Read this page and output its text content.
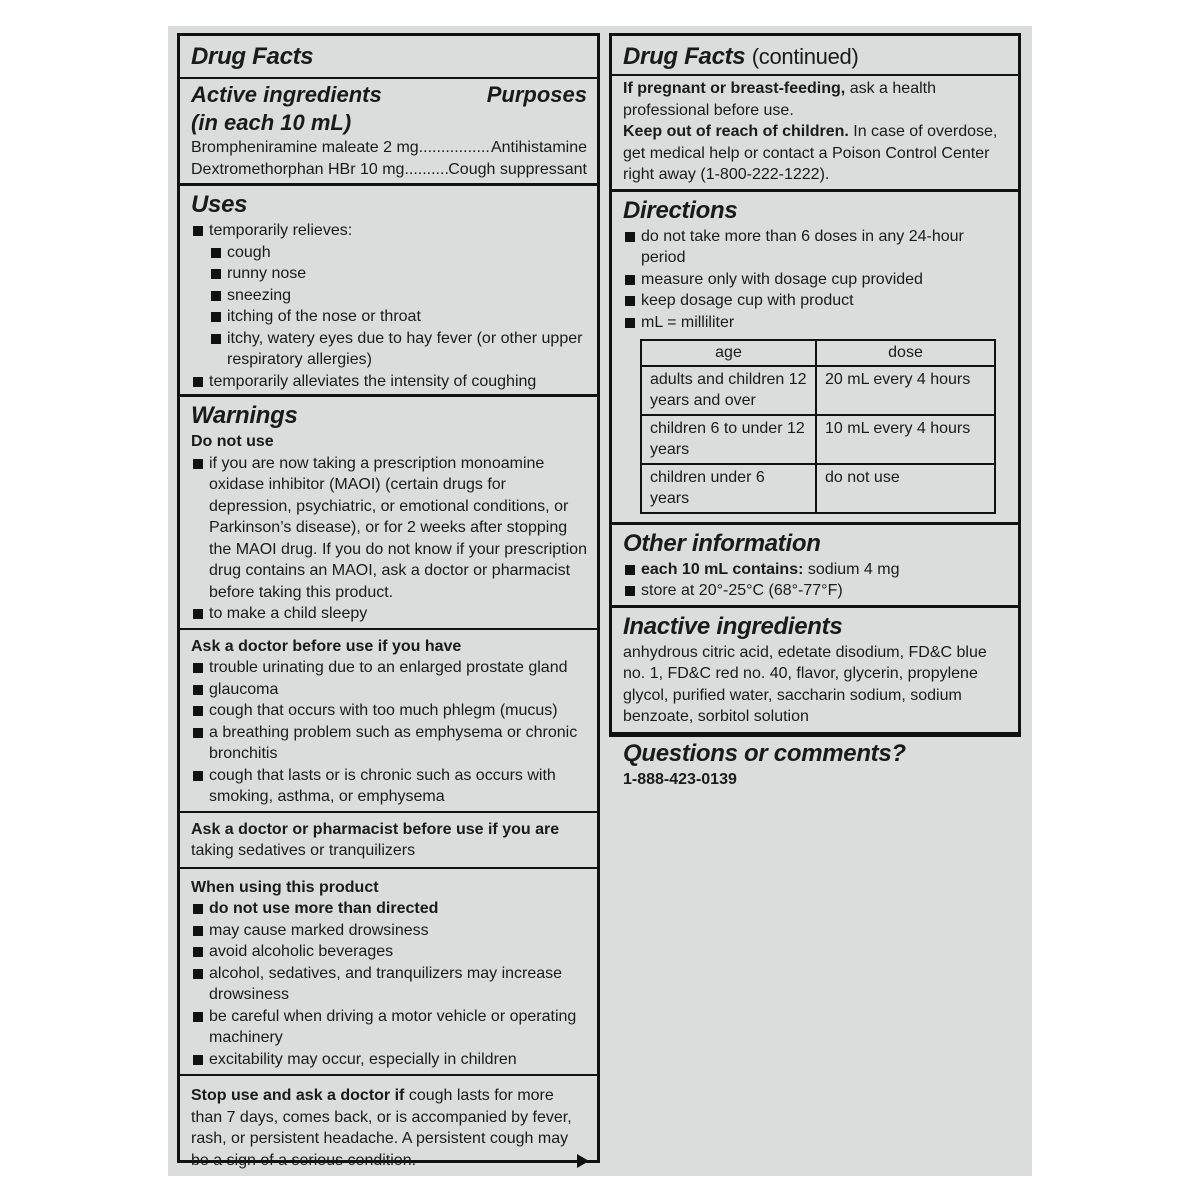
Drug Facts
Active ingredients	Purposes
(in each 10 mL)
Brompheniramine maleate 2 mg .....	Antihistamine
Dextromethorphan HBr 10 mg .....	Cough suppressant
Uses
temporarily relieves:
cough
runny nose
sneezing
itching of the nose or throat
itchy, watery eyes due to hay fever (or other upper respiratory allergies)
temporarily alleviates the intensity of coughing
Warnings
Do not use
if you are now taking a prescription monoamine oxidase inhibitor (MAOI) (certain drugs for depression, psychiatric, or emotional conditions, or Parkinson’s disease), or for 2 weeks after stopping the MAOI drug. If you do not know if your prescription drug contains an MAOI, ask a doctor or pharmacist before taking this product.
to make a child sleepy
Ask a doctor before use if you have
trouble urinating due to an enlarged prostate gland
glaucoma
cough that occurs with too much phlegm (mucus)
a breathing problem such as emphysema or chronic bronchitis
cough that lasts or is chronic such as occurs with smoking, asthma, or emphysema
Ask a doctor or pharmacist before use if you are
taking sedatives or tranquilizers
When using this product
do not use more than directed
may cause marked drowsiness
avoid alcoholic beverages
alcohol, sedatives, and tranquilizers may increase drowsiness
be careful when driving a motor vehicle or operating machinery
excitability may occur, especially in children
Stop use and ask a doctor if cough lasts for more than 7 days, comes back, or is accompanied by fever, rash, or persistent headache. A persistent cough may be a sign of a serious condition.
Drug Facts (continued)
If pregnant or breast-feeding, ask a health professional before use.
Keep out of reach of children. In case of overdose, get medical help or contact a Poison Control Center right away (1-800-222-1222).
Directions
do not take more than 6 doses in any 24-hour period
measure only with dosage cup provided
keep dosage cup with product
mL = milliliter
age	dose
adults and children 12 years and over	20 mL every 4 hours
children 6 to under 12 years	10 mL every 4 hours
children under 6 years	do not use
Other information
each 10 mL contains: sodium 4 mg
store at 20°-25°C (68°-77°F)
Inactive ingredients
anhydrous citric acid, edetate disodium, FD&C blue no. 1, FD&C red no. 40, flavor, glycerin, propylene glycol, purified water, saccharin sodium, sodium benzoate, sorbitol solution
Questions or comments?
1-888-423-0139
